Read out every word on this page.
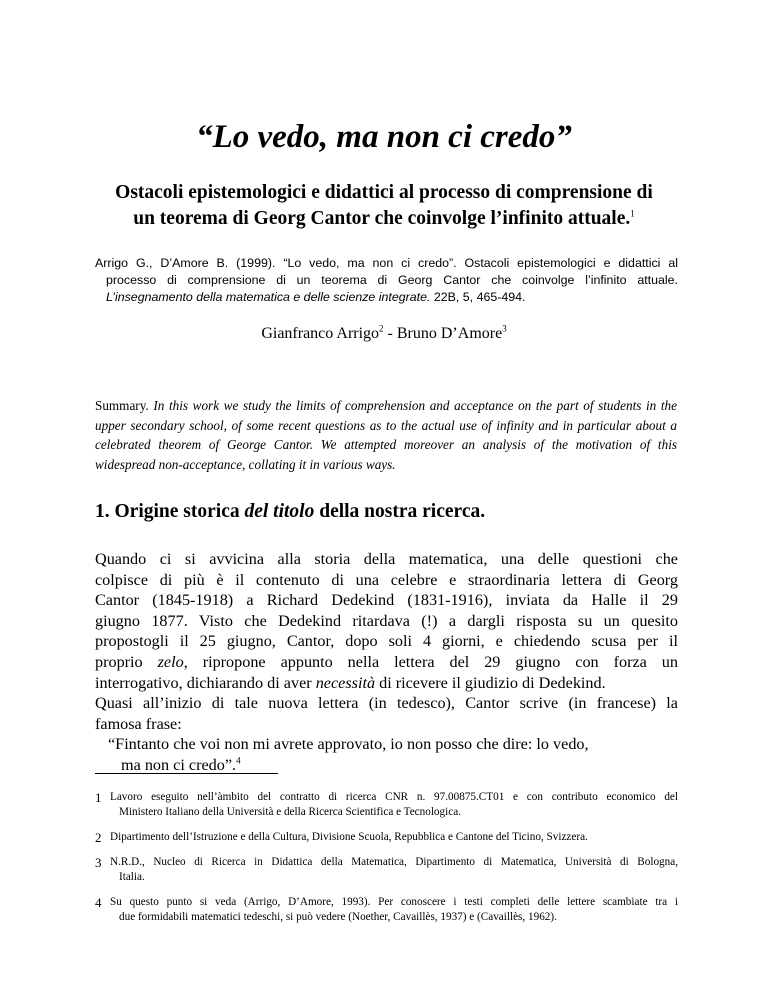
“Lo vedo, ma non ci credo”
Ostacoli epistemologici e didattici al processo di comprensione di
un teorema di Georg Cantor che coinvolge l’infinito attuale.$^1$
Arrigo G., D’Amore B. (1999). “Lo vedo, ma non ci credo”. Ostacoli epistemologici e didattici al
processo di comprensione di un teorema di Georg Cantor che coinvolge l’infinito attuale.
L’insegnamento della matematica e delle scienze integrate. 22B, 5, 465-494.
Gianfranco Arrigo$^2$ - Bruno D’Amore$^3$
Summary. In this work we study the limits of comprehension and acceptance on the part of students in the upper secondary school, of some recent questions as to the actual use of infinity and in particular about a celebrated theorem of George Cantor. We attempted moreover an analysis of the motivation of this widespread non-acceptance, collating it in various ways.
1. Origine storica del titolo della nostra ricerca.
Quando ci si avvicina alla storia della matematica, una delle questioni che
colpisce di più è il contenuto di una celebre e straordinaria lettera di Georg
Cantor (1845-1918) a Richard Dedekind (1831-1916), inviata da Halle il 29
giugno 1877. Visto che Dedekind ritardava (!) a dargli risposta su un quesito
propostogli il 25 giugno, Cantor, dopo soli 4 giorni, e chiedendo scusa per il
proprio zelo, ripropone appunto nella lettera del 29 giugno con forza un
interrogativo, dichiarando di aver necessità di ricevere il giudizio di Dedekind.
Quasi all’inizio di tale nuova lettera (in tedesco), Cantor scrive (in francese) la
famosa frase:
“Fintanto che voi non mi avrete approvato, io non posso che dire: lo vedo,
ma non ci credo”.$^4$
1 Lavoro eseguito nell’àmbito del contratto di ricerca CNR n. 97.00875.CT01 e con contributo economico del
Ministero Italiano della Università e della Ricerca Scientifica e Tecnologica.
2 Dipartimento dell’Istruzione e della Cultura, Divisione Scuola, Repubblica e Cantone del Ticino, Svizzera.
3 N.R.D., Nucleo di Ricerca in Didattica della Matematica, Dipartimento di Matematica, Università di Bologna,
Italia.
4 Su questo punto si veda (Arrigo, D’Amore, 1993). Per conoscere i testi completi delle lettere scambiate tra i
due formidabili matematici tedeschi, si può vedere (Noether, Cavaillès, 1937) e (Cavaillès, 1962).
